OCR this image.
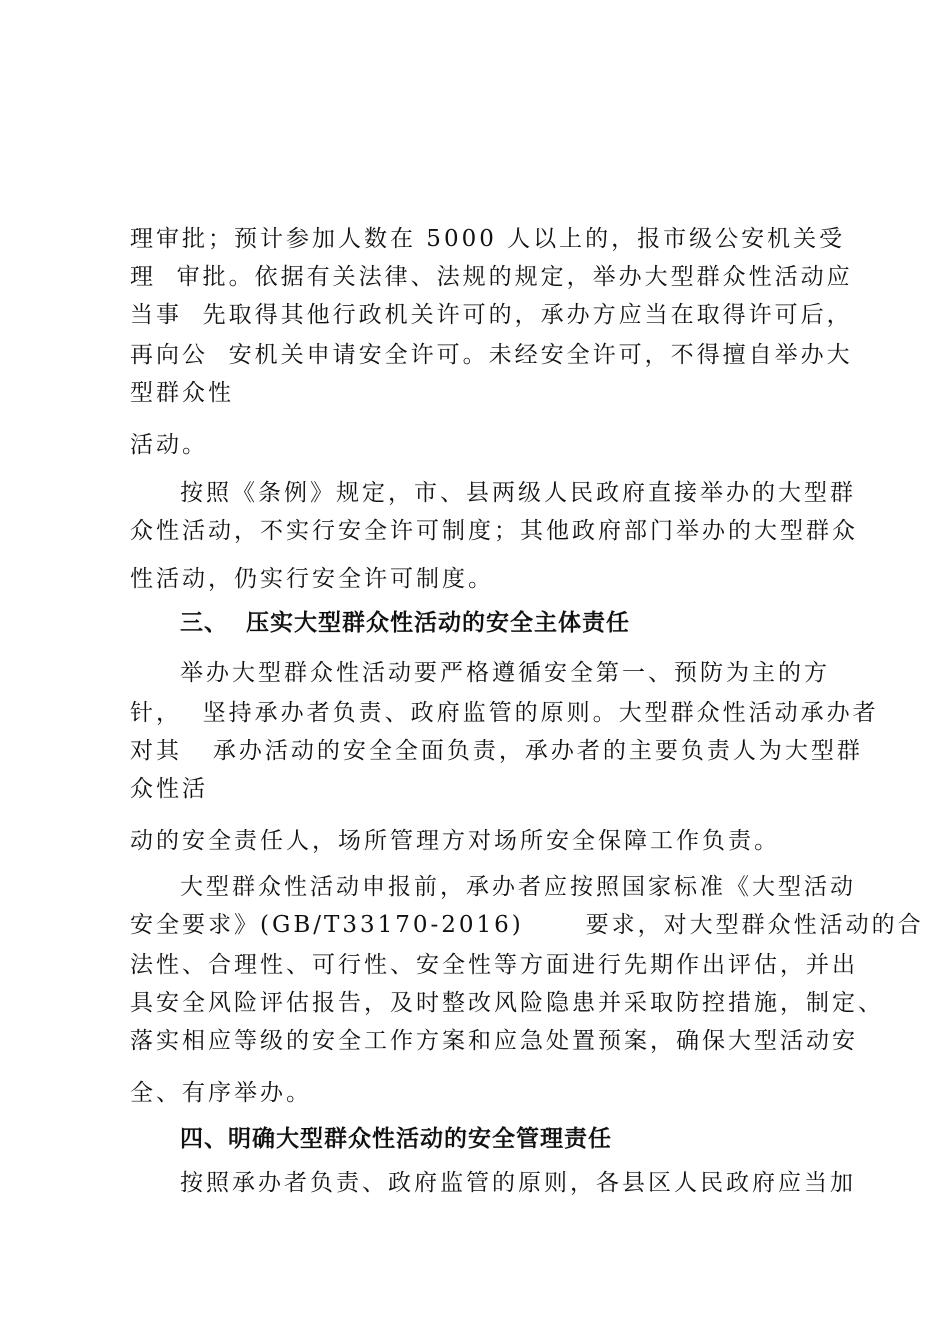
理审批；预计参加人数在 5000 人以上的，报市级公安机关受
理  审批。依据有关法律、法规的规定，举办大型群众性活动应
当事  先取得其他行政机关许可的，承办方应当在取得许可后，
再向公  安机关申请安全许可。未经安全许可，不得擅自举办大
型群众性
活动。
按照《条例》规定，市、县两级人民政府直接举办的大型群
众性活动，不实行安全许可制度；其他政府部门举办的大型群众
性活动，仍实行安全许可制度。
三、  压实大型群众性活动的安全主体责任
举办大型群众性活动要严格遵循安全第一、预防为主的方
针，  坚持承办者负责、政府监管的原则。大型群众性活动承办者
对其   承办活动的安全全面负责，承办者的主要负责人为大型群
众性活
动的安全责任人，场所管理方对场所安全保障工作负责。
大型群众性活动申报前，承办者应按照国家标准《大型活动
安全要求》(GB/T33170-2016)      要求，对大型群众性活动的合
法性、合理性、可行性、安全性等方面进行先期作出评估，并出
具安全风险评估报告，及时整改风险隐患并采取防控措施，制定、
落实相应等级的安全工作方案和应急处置预案，确保大型活动安
全、有序举办。
四、明确大型群众性活动的安全管理责任
按照承办者负责、政府监管的原则，各县区人民政府应当加
